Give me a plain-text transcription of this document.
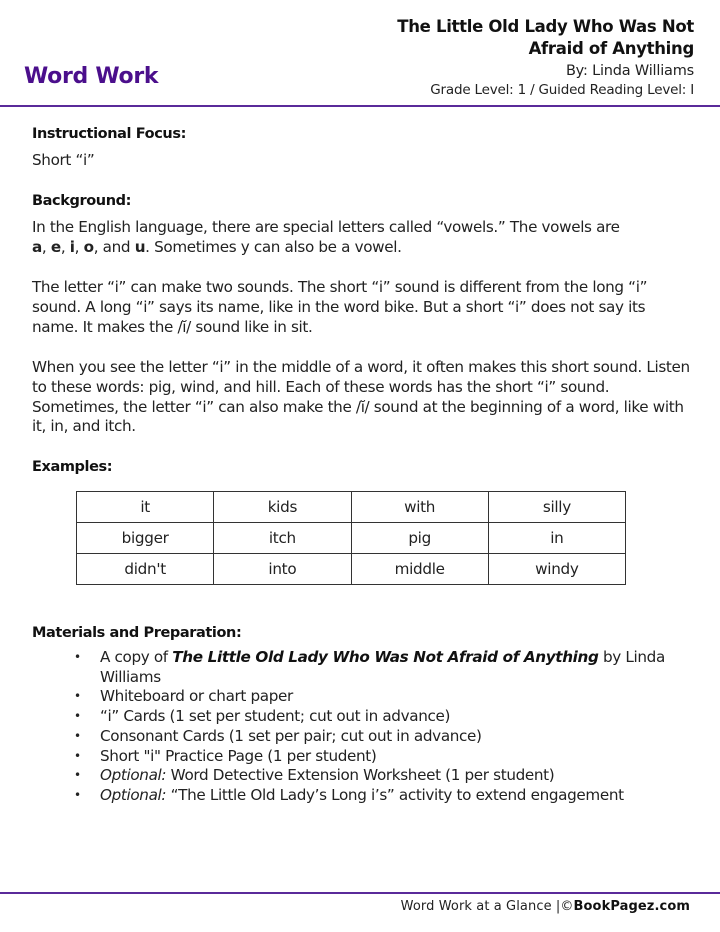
Word Work
The Little Old Lady Who Was Not
Afraid of Anything
By: Linda Williams
Grade Level: 1 / Guided Reading Level: I
Instructional Focus:
Short “i”
Background:
In the English language, there are special letters called “vowels.” The vowels are
a, e, i, o, and u. Sometimes y can also be a vowel.
The letter “i” can make two sounds. The short “i” sound is different from the long “i” sound. A long “i” says its name, like in the word bike. But a short “i” does not say its name. It makes the /ĭ/ sound like in sit.
When you see the letter “i” in the middle of a word, it often makes this short sound. Listen to these words: pig, wind, and hill. Each of these words has the short “i” sound. Sometimes, the letter “i” can also make the /ĭ/ sound at the beginning of a word, like with it, in, and itch.
Examples:
it	kids	with	silly
bigger	itch	pig	in
didn't	into	middle	windy
Materials and Preparation:
• A copy of The Little Old Lady Who Was Not Afraid of Anything by Linda Williams
• Whiteboard or chart paper
• “i” Cards (1 set per student; cut out in advance)
• Consonant Cards (1 set per pair; cut out in advance)
• Short "i" Practice Page (1 per student)
• Optional: Word Detective Extension Worksheet (1 per student)
• Optional: “The Little Old Lady’s Long i’s” activity to extend engagement
Word Work at a Glance |©BookPagez.com
